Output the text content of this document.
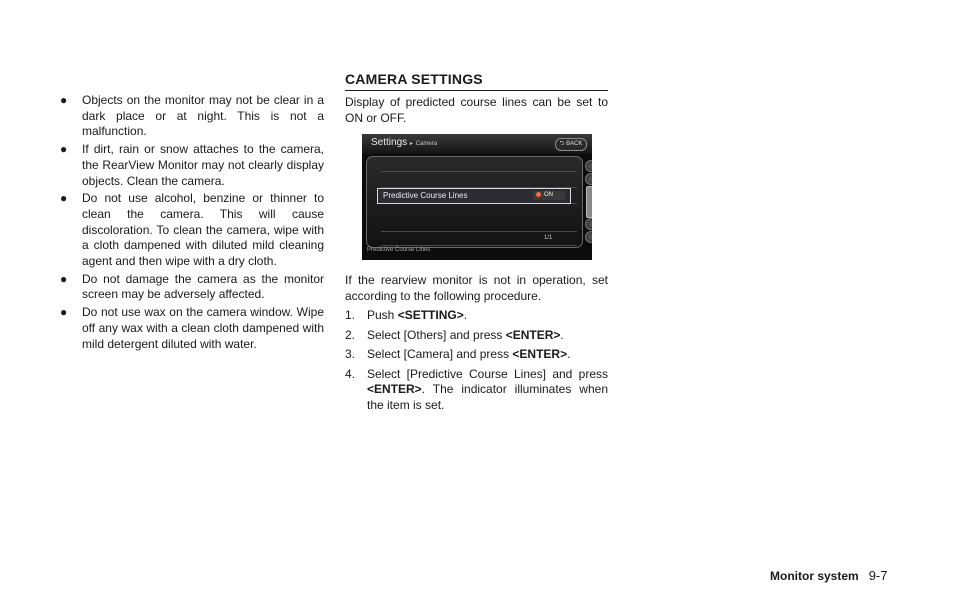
● Objects on the monitor may not be clear in a dark place or at night. This is not a malfunction.
● If dirt, rain or snow attaches to the camera, the RearView Monitor may not clearly display objects. Clean the camera.
● Do not use alcohol, benzine or thinner to clean the camera. This will cause discoloration. To clean the camera, wipe with a cloth dampened with diluted mild cleaning agent and then wipe with a dry cloth.
● Do not damage the camera as the monitor screen may be adversely affected.
● Do not use wax on the camera window. Wipe off any wax with a clean cloth dampened with mild detergent diluted with water.
CAMERA SETTINGS

Display of predicted course lines can be set to ON or OFF.

Settings ▸ Camera	⮌ BACK
Predictive Course Lines	ON
1/1
Predictive Course Lines

If the rearview monitor is not in operation, set according to the following procedure.

1. Push <SETTING>.
2. Select [Others] and press <ENTER>.
3. Select [Camera] and press <ENTER>.
4. Select [Predictive Course Lines] and press <ENTER>. The indicator illuminates when the item is set.
Monitor system 9-7
